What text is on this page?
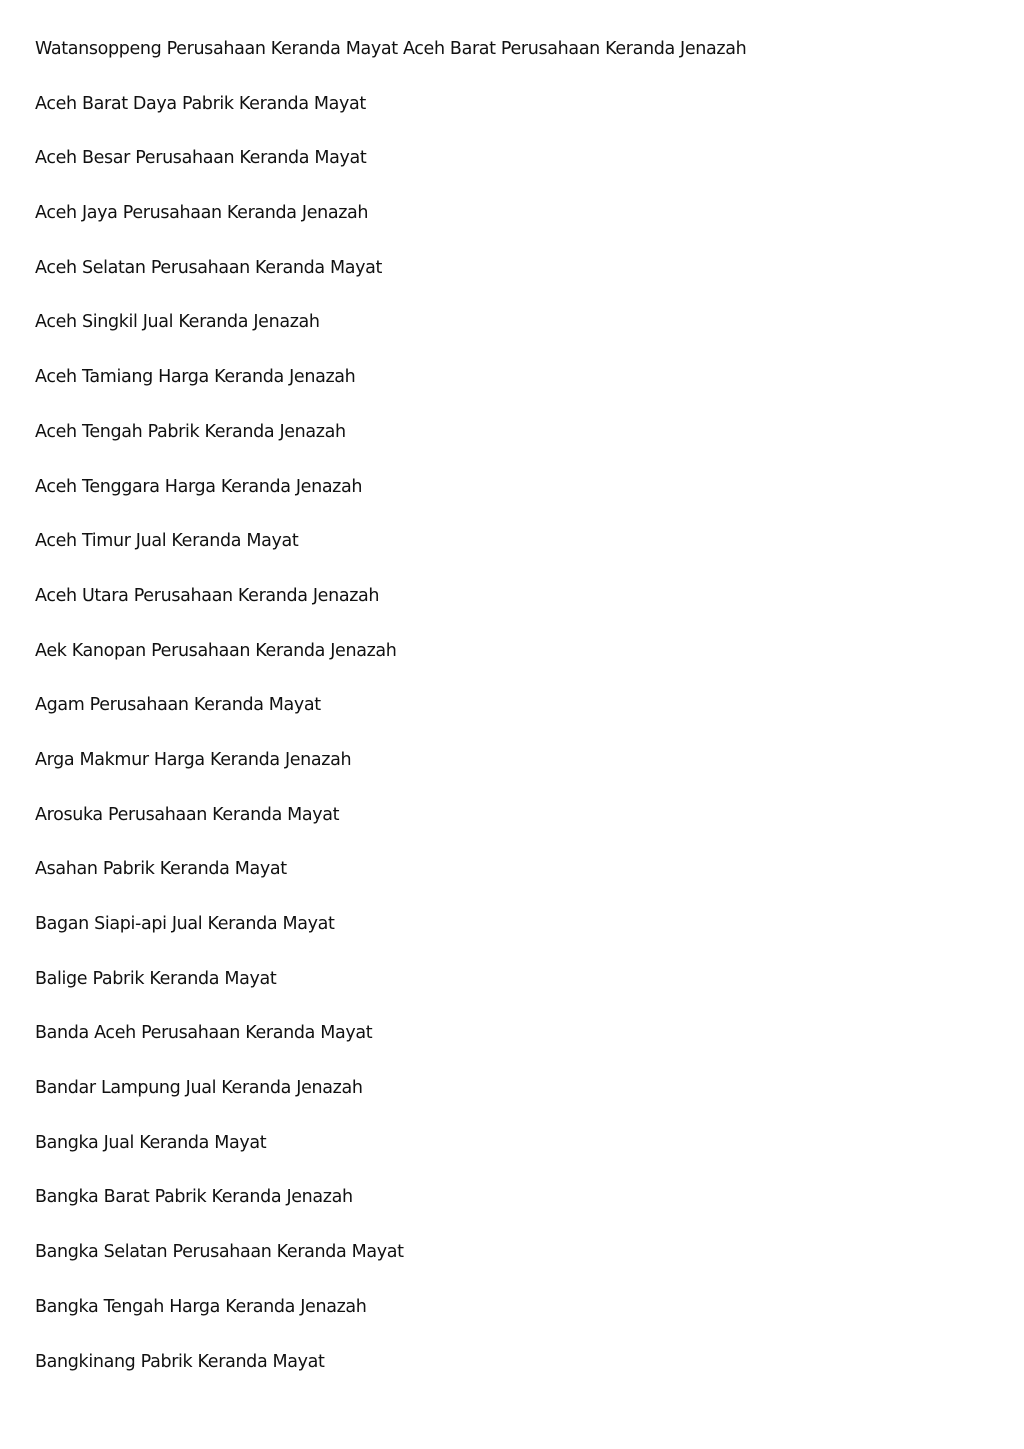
Watansoppeng Perusahaan Keranda Mayat Aceh Barat Perusahaan Keranda Jenazah
Aceh Barat Daya Pabrik Keranda Mayat
Aceh Besar Perusahaan Keranda Mayat
Aceh Jaya Perusahaan Keranda Jenazah
Aceh Selatan Perusahaan Keranda Mayat
Aceh Singkil Jual Keranda Jenazah
Aceh Tamiang Harga Keranda Jenazah
Aceh Tengah Pabrik Keranda Jenazah
Aceh Tenggara Harga Keranda Jenazah
Aceh Timur Jual Keranda Mayat
Aceh Utara Perusahaan Keranda Jenazah
Aek Kanopan Perusahaan Keranda Jenazah
Agam Perusahaan Keranda Mayat
Arga Makmur Harga Keranda Jenazah
Arosuka Perusahaan Keranda Mayat
Asahan Pabrik Keranda Mayat
Bagan Siapi-api Jual Keranda Mayat
Balige Pabrik Keranda Mayat
Banda Aceh Perusahaan Keranda Mayat
Bandar Lampung Jual Keranda Jenazah
Bangka Jual Keranda Mayat
Bangka Barat Pabrik Keranda Jenazah
Bangka Selatan Perusahaan Keranda Mayat
Bangka Tengah Harga Keranda Jenazah
Bangkinang Pabrik Keranda Mayat
